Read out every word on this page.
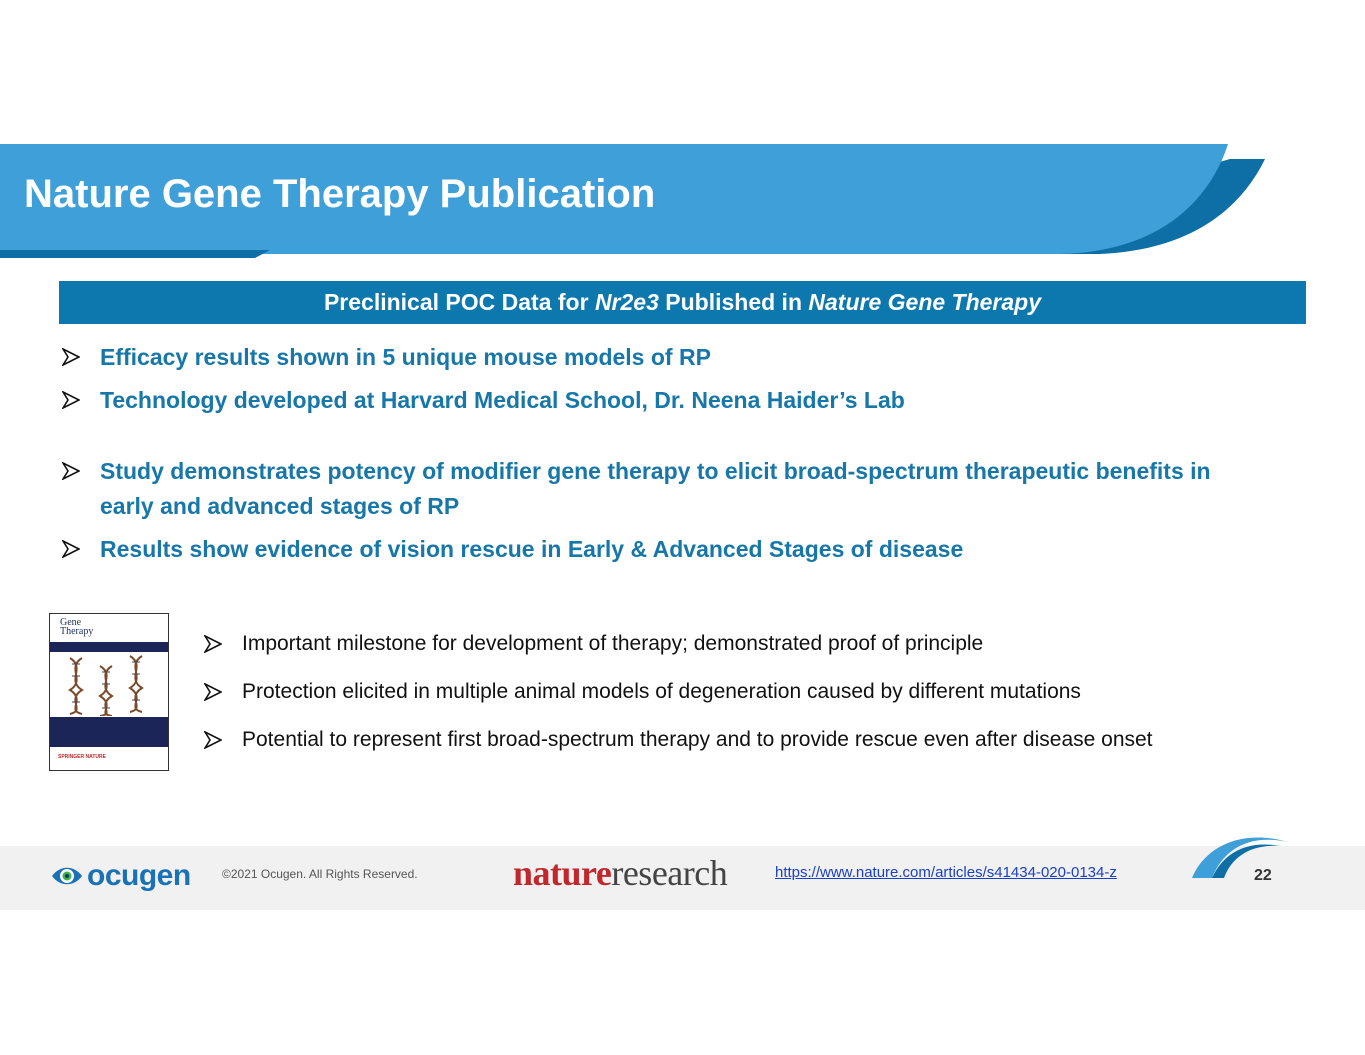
Nature Gene Therapy Publication
Preclinical POC Data for Nr2e3 Published in Nature Gene Therapy
Efficacy results shown in 5 unique mouse models of RP
Technology developed at Harvard Medical School, Dr. Neena Haider’s Lab
Study demonstrates potency of modifier gene therapy to elicit broad-spectrum therapeutic benefits in
early and advanced stages of RP
Results show evidence of vision rescue in Early & Advanced Stages of disease
Gene
Therapy
SPRINGER NATURE
Important milestone for development of therapy; demonstrated proof of principle
Protection elicited in multiple animal models of degeneration caused by different mutations
Potential to represent first broad-spectrum therapy and to provide rescue even after disease onset
ocugen	©2021 Ocugen. All Rights Reserved.	natureresearch	https://www.nature.com/articles/s41434-020-0134-z	22
